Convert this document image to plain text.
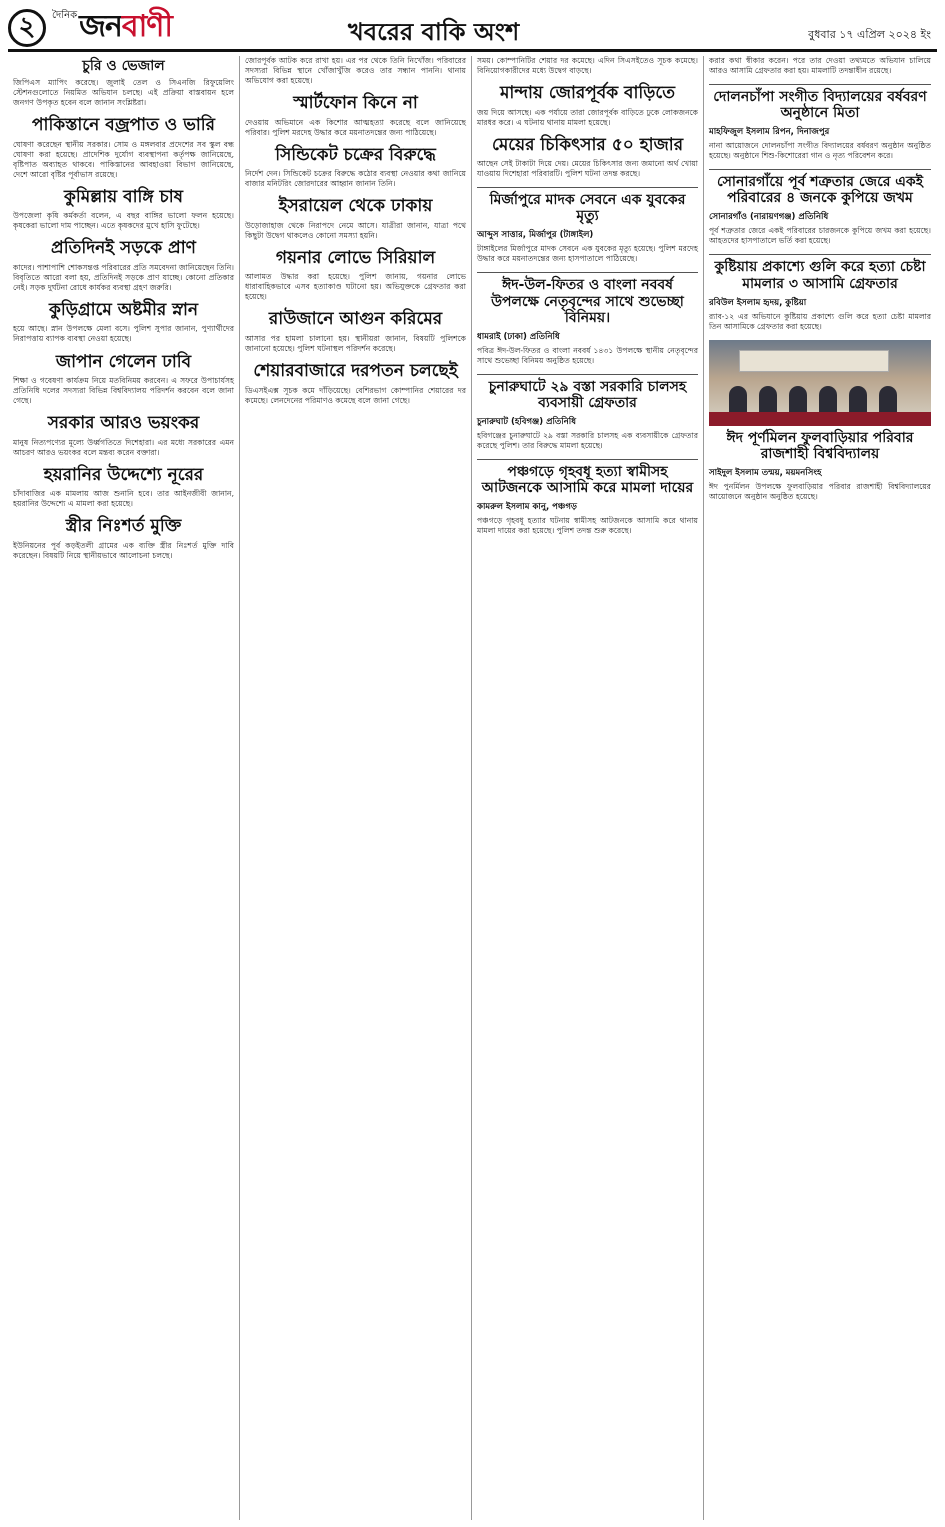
২	দৈনিক জনবাণী	খবরের বাকি অংশ	বুধবার ১৭ এপ্রিল ২০২৪ ইং
চুরি ও ভেজাল

জিপিএস ম্যাপিং করেছে। জুলাই তেল ও সিএনজি রিফুয়েলিং স্টেশনগুলোতে নিয়মিত অভিযান চলছে। এই প্রক্রিয়া বাস্তবায়ন হলে জনগণ উপকৃত হবেন বলে জানান সংশ্লিষ্টরা।

পাকিস্তানে বজ্রপাত ও ভারি

ঘোষণা করেছেন স্থানীয় সরকার। সোম ও মঙ্গলবার প্রদেশের সব স্কুল বন্ধ ঘোষণা করা হয়েছে। প্রাদেশিক দুর্যোগ ব্যবস্থাপনা কর্তৃপক্ষ জানিয়েছে, বৃষ্টিপাত অব্যাহত থাকবে। পাকিস্তানের আবহাওয়া বিভাগ জানিয়েছে, দেশে আরো বৃষ্টির পূর্বাভাস রয়েছে।

কুমিল্লায় বাঙ্গি চাষ

উপজেলা কৃষি কর্মকর্তা বলেন, এ বছর বাঙ্গির ভালো ফলন হয়েছে। কৃষকেরা ভালো দাম পাচ্ছেন। এতে কৃষকদের মুখে হাসি ফুটেছে।

প্রতিদিনই সড়কে প্রাণ

কাদের। পাশাপাশি শোকসন্তপ্ত পরিবারের প্রতি সমবেদনা জানিয়েছেন তিনি। বিবৃতিতে আরো বলা হয়, প্রতিদিনই সড়কে প্রাণ যাচ্ছে। কোনো প্রতিকার নেই। সড়ক দুর্ঘটনা রোধে কার্যকর ব্যবস্থা গ্রহণ জরুরি।

কুড়িগ্রামে অষ্টমীর স্নান

হয়ে আছে। স্নান উপলক্ষে মেলা বসে। পুলিশ সুপার জানান, পুণ্যার্থীদের নিরাপত্তায় ব্যাপক ব্যবস্থা নেওয়া হয়েছে।

জাপান গেলেন ঢাবি

শিক্ষা ও গবেষণা কার্যক্রম নিয়ে মতবিনিময় করবেন। এ সফরে উপাচার্যসহ প্রতিনিধি দলের সদস্যরা বিভিন্ন বিশ্ববিদ্যালয় পরিদর্শন করবেন বলে জানা গেছে।

সরকার আরও ভয়ংকর

মানুষ নিত্যপণ্যের মূল্যে উর্ধ্বগতিতে দিশেহারা। এর মধ্যে সরকারের এমন আচরণ আরও ভয়ংকর বলে মন্তব্য করেন বক্তারা।

হয়রানির উদ্দেশ্যে নূরের

চাঁদাবাজির এক মামলায় আজ শুনানি হবে। তার আইনজীবী জানান, হয়রানির উদ্দেশ্যে এ মামলা করা হয়েছে।

স্ত্রীর নিঃশর্ত মুক্তি

ইউনিয়নের পূর্ব কড়ইতলী গ্রামের এক ব্যক্তি স্ত্রীর নিঃশর্ত মুক্তি দাবি করেছেন। বিষয়টি নিয়ে স্থানীয়ভাবে আলোচনা চলছে।

জোরপূর্বক আটক করে রাখা হয়। এর পর থেকে তিনি নিখোঁজ। পরিবারের সদস্যরা বিভিন্ন স্থানে খোঁজাখুঁজি করেও তার সন্ধান পাননি। থানায় অভিযোগ করা হয়েছে।

স্মার্টফোন কিনে না

দেওয়ায় অভিমানে এক কিশোর আত্মহত্যা করেছে বলে জানিয়েছে পরিবার। পুলিশ মরদেহ উদ্ধার করে ময়নাতদন্তের জন্য পাঠিয়েছে।

সিন্ডিকেট চক্রের বিরুদ্ধে

নির্দেশ দেন। সিন্ডিকেট চক্রের বিরুদ্ধে কঠোর ব্যবস্থা নেওয়ার কথা জানিয়ে বাজার মনিটরিং জোরদারের আহ্বান জানান তিনি।

ইসরায়েল থেকে ঢাকায়

উড়োজাহাজ থেকে নিরাপদে নেমে আসে। যাত্রীরা জানান, যাত্রা পথে কিছুটা উদ্বেগ থাকলেও কোনো সমস্যা হয়নি।

গয়নার লোভে সিরিয়াল

আলামত উদ্ধার করা হয়েছে। পুলিশ জানায়, গয়নার লোভে ধারাবাহিকভাবে এসব হত্যাকাণ্ড ঘটানো হয়। অভিযুক্তকে গ্রেফতার করা হয়েছে।

রাউজানে আগুন করিমের

আসার পর হামলা চালানো হয়। স্থানীয়রা জানান, বিষয়টি পুলিশকে জানানো হয়েছে। পুলিশ ঘটনাস্থল পরিদর্শন করেছে।

শেয়ারবাজারে দরপতন চলছেই

ডিএসইএক্স সূচক কমে দাঁড়িয়েছে। বেশিরভাগ কোম্পানির শেয়ারের দর কমেছে। লেনদেনের পরিমাণও কমেছে বলে জানা গেছে।

সময়। কোম্পানিটির শেয়ার দর কমেছে। এদিন সিএসইতেও সূচক কমেছে। বিনিয়োগকারীদের মধ্যে উদ্বেগ বাড়ছে।

মান্দায় জোরপূর্বক বাড়িতে

জয় দিয়ে আসছে। এক পর্যায়ে তারা জোরপূর্বক বাড়িতে ঢুকে লোকজনকে মারধর করে। এ ঘটনায় থানায় মামলা হয়েছে।

মেয়ের চিকিৎসার ৫০ হাজার

আছেন সেই টাকাটা দিয়ে দেয়। মেয়ের চিকিৎসার জন্য জমানো অর্থ খোয়া যাওয়ায় দিশেহারা পরিবারটি। পুলিশ ঘটনা তদন্ত করছে।

মির্জাপুরে মাদক সেবনে এক যুবকের মৃত্যু
আব্দুস সাত্তার, মির্জাপুর (টাঙ্গাইল)

টাঙ্গাইলের মির্জাপুরে মাদক সেবনে এক যুবকের মৃত্যু হয়েছে। পুলিশ মরদেহ উদ্ধার করে ময়নাতদন্তের জন্য হাসপাতালে পাঠিয়েছে।

ঈদ-উল-ফিতর ও বাংলা নববর্ষ উপলক্ষে নেতৃবৃন্দের সাথে শুভেচ্ছা বিনিময়।
ধামরাই (ঢাকা) প্রতিনিধি

পবিত্র ঈদ-উল-ফিতর ও বাংলা নববর্ষ ১৪৩১ উপলক্ষে স্থানীয় নেতৃবৃন্দের সাথে শুভেচ্ছা বিনিময় অনুষ্ঠিত হয়েছে।

চুনারুঘাটে ২৯ বস্তা সরকারি চালসহ ব্যবসায়ী গ্রেফতার
চুনারুঘাট (হবিগঞ্জ) প্রতিনিধি

হবিগঞ্জের চুনারুঘাটে ২৯ বস্তা সরকারি চালসহ এক ব্যবসায়ীকে গ্রেফতার করেছে পুলিশ। তার বিরুদ্ধে মামলা হয়েছে।

পঞ্চগড়ে গৃহবধূ হত্যা স্বামীসহ আটজনকে আসামি করে মামলা দায়ের
কামরুল ইসলাম কানু, পঞ্চগড়

পঞ্চগড়ে গৃহবধূ হত্যার ঘটনায় স্বামীসহ আটজনকে আসামি করে থানায় মামলা দায়ের করা হয়েছে। পুলিশ তদন্ত শুরু করেছে।

করার কথা স্বীকার করেন। পরে তার দেওয়া তথ্যমতে অভিযান চালিয়ে আরও আসামি গ্রেফতার করা হয়। মামলাটি তদন্তাধীন রয়েছে।

দোলনচাঁপা সংগীত বিদ্যালয়ের বর্ষবরণ অনুষ্ঠানে মিতা
মাহফিজুল ইসলাম রিপন, দিনাজপুর

নানা আয়োজনে দোলনচাঁপা সংগীত বিদ্যালয়ের বর্ষবরণ অনুষ্ঠান অনুষ্ঠিত হয়েছে। অনুষ্ঠানে শিশু-কিশোরেরা গান ও নৃত্য পরিবেশন করে।

সোনারগাঁয়ে পূর্ব শত্রুতার জেরে একই পরিবারের ৪ জনকে কুপিয়ে জখম
সোনারগাঁও (নারায়ণগঞ্জ) প্রতিনিধি

পূর্ব শত্রুতার জেরে একই পরিবারের চারজনকে কুপিয়ে জখম করা হয়েছে। আহতদের হাসপাতালে ভর্তি করা হয়েছে।

কুষ্টিয়ায় প্রকাশ্যে গুলি করে হত্যা চেষ্টা মামলার ৩ আসামি গ্রেফতার
রবিউল ইসলাম হৃদয়, কুষ্টিয়া

র‌্যাব-১২ এর অভিযানে কুষ্টিয়ায় প্রকাশ্যে গুলি করে হত্যা চেষ্টা মামলার তিন আসামিকে গ্রেফতার করা হয়েছে।

ঈদ পূর্ণমিলন ফুলবাড়িয়ার পরিবার রাজশাহী বিশ্ববিদ্যালয়
সাইদুল ইসলাম তন্ময়, ময়মনসিংহ

ঈদ পুনর্মিলন উপলক্ষে ফুলবাড়িয়ার পরিবার রাজশাহী বিশ্ববিদ্যালয়ের আয়োজনে অনুষ্ঠান অনুষ্ঠিত হয়েছে।
